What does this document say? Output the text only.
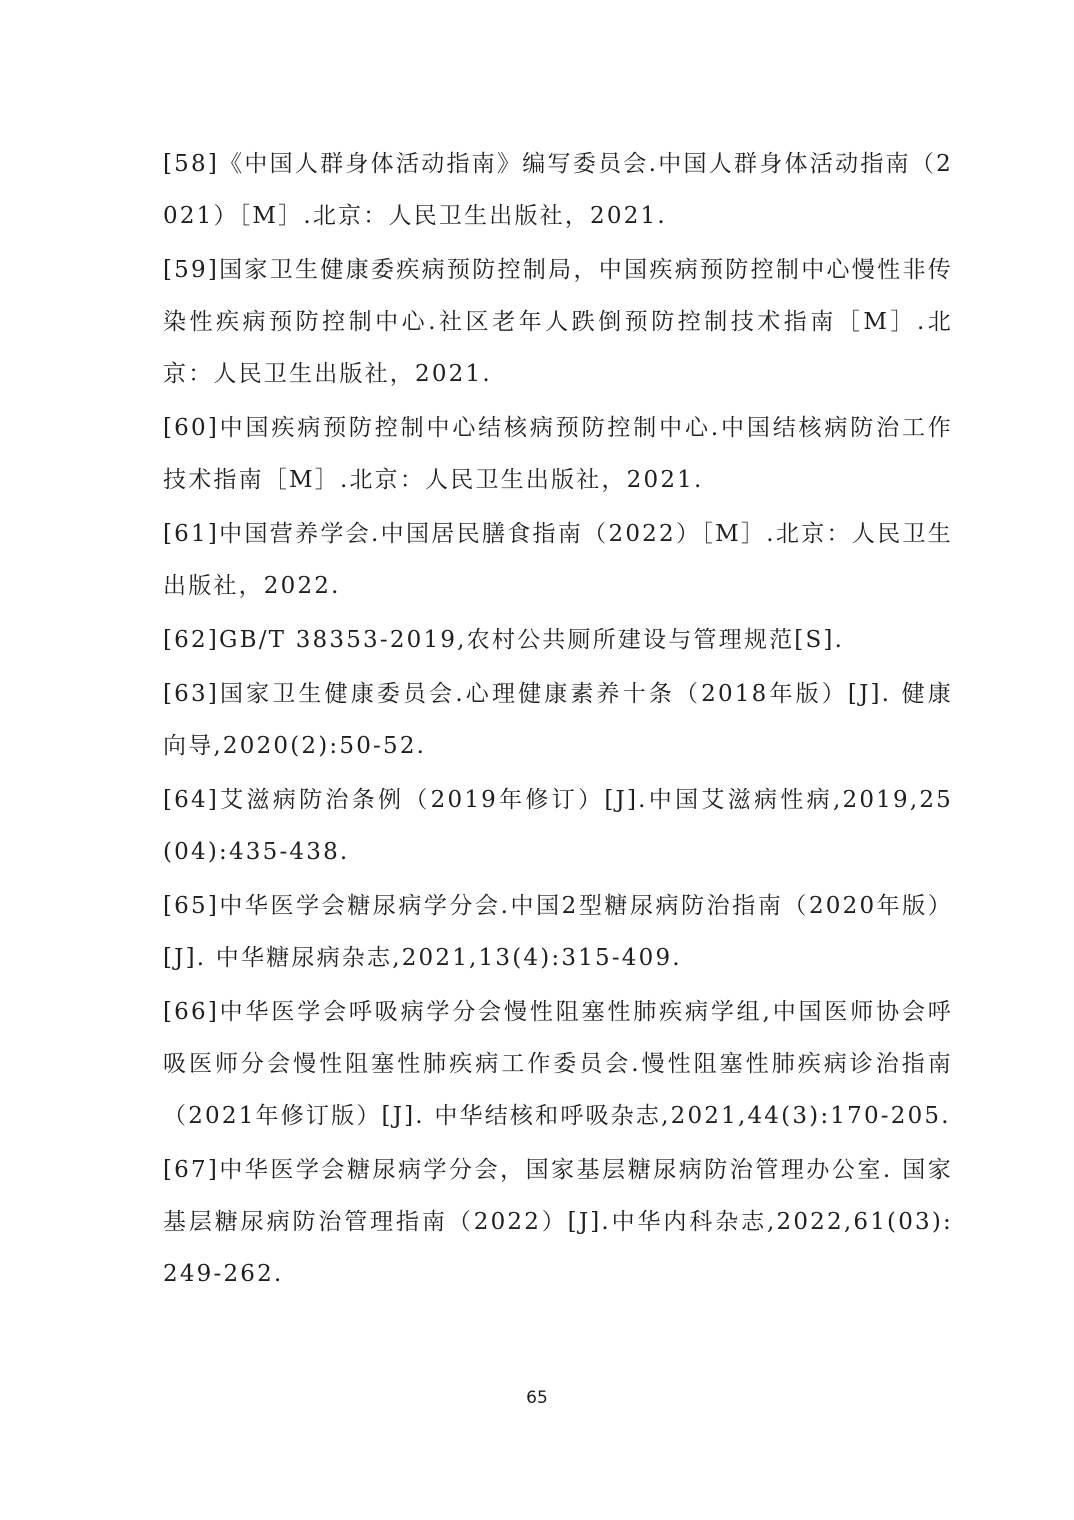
[58]《中国人群身体活动指南》编写委员会.中国人群身体活动指南（2021）［M］.北京：人民卫生出版社，2021.
[59]国家卫生健康委疾病预防控制局，中国疾病预防控制中心慢性非传染性疾病预防控制中心.社区老年人跌倒预防控制技术指南［M］.北京：人民卫生出版社，2021.
[60]中国疾病预防控制中心结核病预防控制中心.中国结核病防治工作技术指南［M］.北京：人民卫生出版社，2021.
[61]中国营养学会.中国居民膳食指南（2022）［M］.北京：人民卫生出版社，2022.
[62]GB/T 38353-2019,农村公共厕所建设与管理规范[S].
[63]国家卫生健康委员会.心理健康素养十条（2018年版）[J]. 健康向导,2020(2):50-52.
[64]艾滋病防治条例（2019年修订）[J].中国艾滋病性病,2019,25(04):435-438.
[65]中华医学会糖尿病学分会.中国2型糖尿病防治指南（2020年版）[J]. 中华糖尿病杂志,2021,13(4):315-409.
[66]中华医学会呼吸病学分会慢性阻塞性肺疾病学组,中国医师协会呼吸医师分会慢性阻塞性肺疾病工作委员会.慢性阻塞性肺疾病诊治指南（2021年修订版）[J]. 中华结核和呼吸杂志,2021,44(3):170-205.
[67]中华医学会糖尿病学分会，国家基层糖尿病防治管理办公室. 国家基层糖尿病防治管理指南（2022）[J].中华内科杂志,2022,61(03):249-262.
65
